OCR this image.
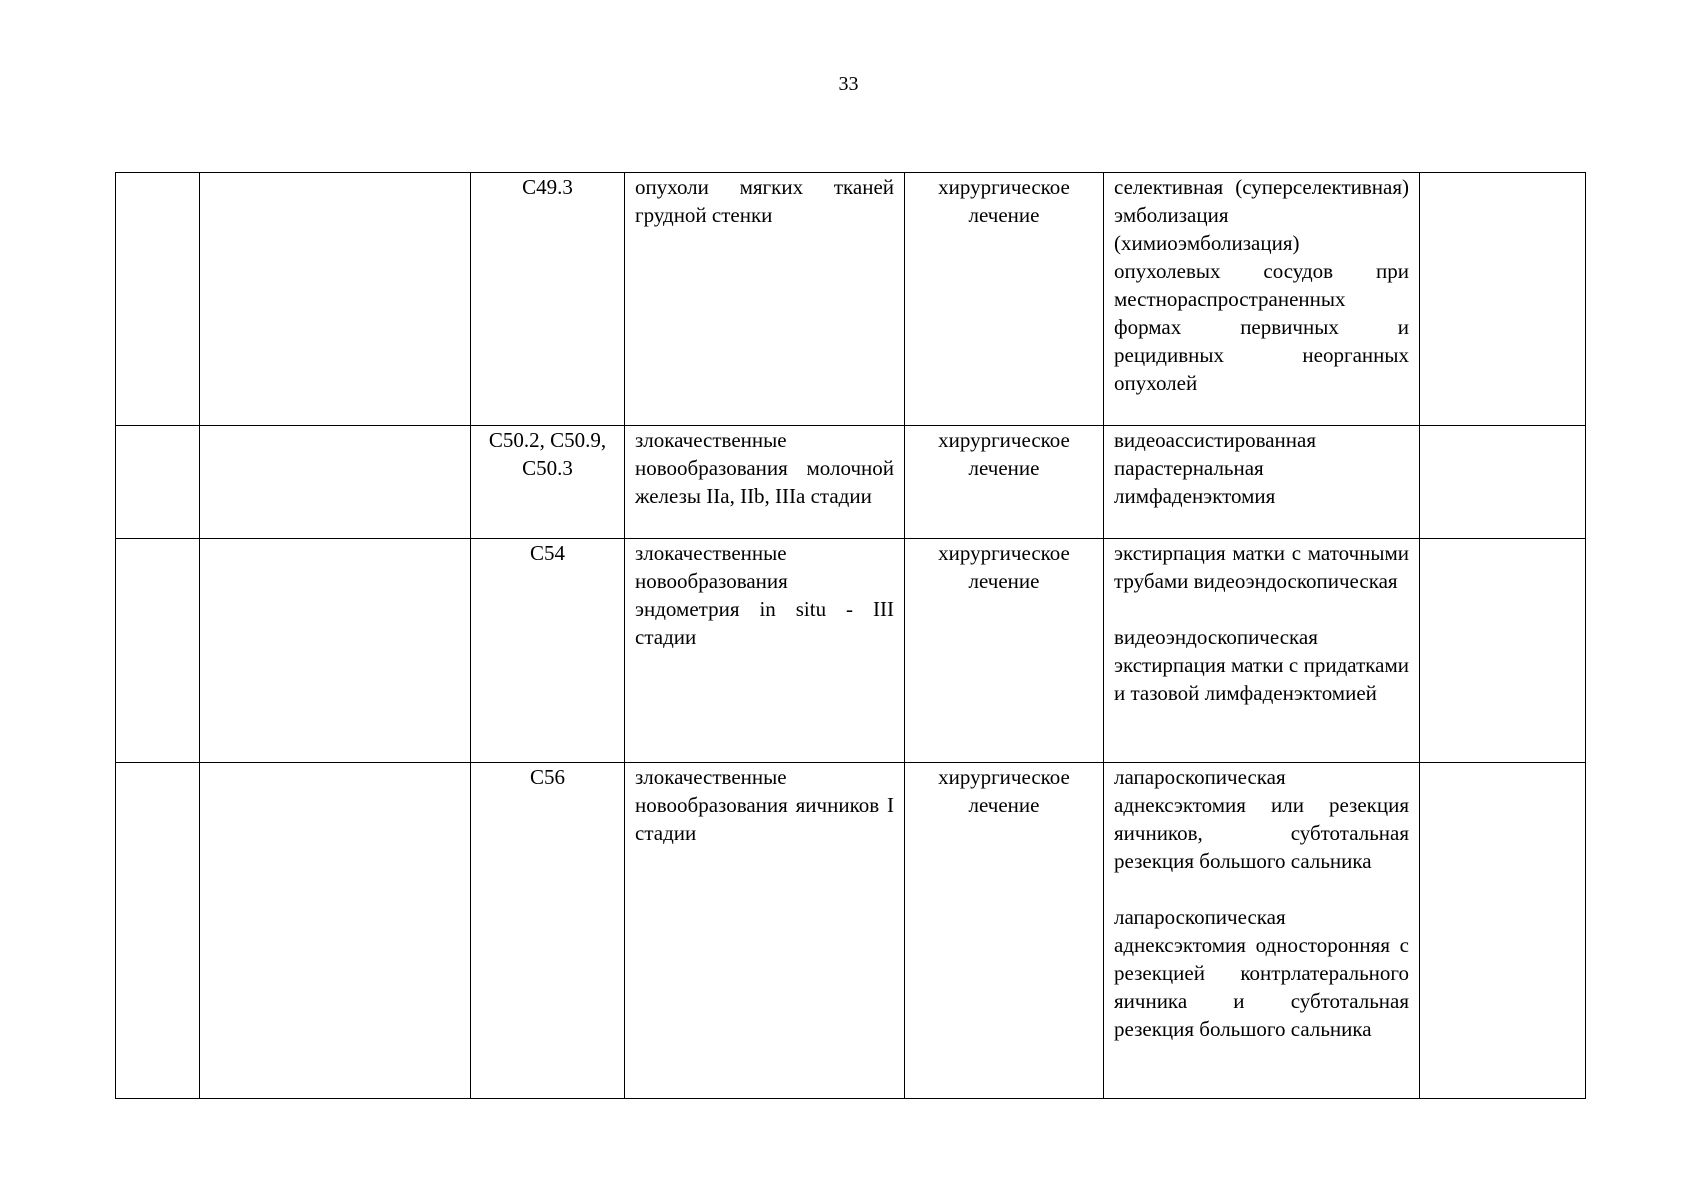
33
		C49.3	опухоли мягких тканей грудной стенки	хирургическое лечение	селективная (суперселективная) эмболизация (химиоэмболизация) опухолевых сосудов при местнораспространенных формах первичных и рецидивных неорганных опухолей	

		C50.2, C50.9, C50.3	злокачественные новообразования молочной железы IIa, IIb, IIIa стадии	хирургическое лечение	видеоассистированная парастернальная лимфаденэктомия	

		C54	злокачественные новообразования эндометрия in situ - III стадии	хирургическое лечение	экстирпация матки с маточными трубами видеоэндоскопическая
видеоэндоскопическая экстирпация матки с придатками и тазовой лимфаденэктомией	

		C56	злокачественные новообразования яичников I стадии	хирургическое лечение	лапароскопическая аднексэктомия или резекция яичников, субтотальная резекция большого сальника
лапароскопическая аднексэктомия односторонняя с резекцией контрлатерального яичника и субтотальная резекция большого сальника	
